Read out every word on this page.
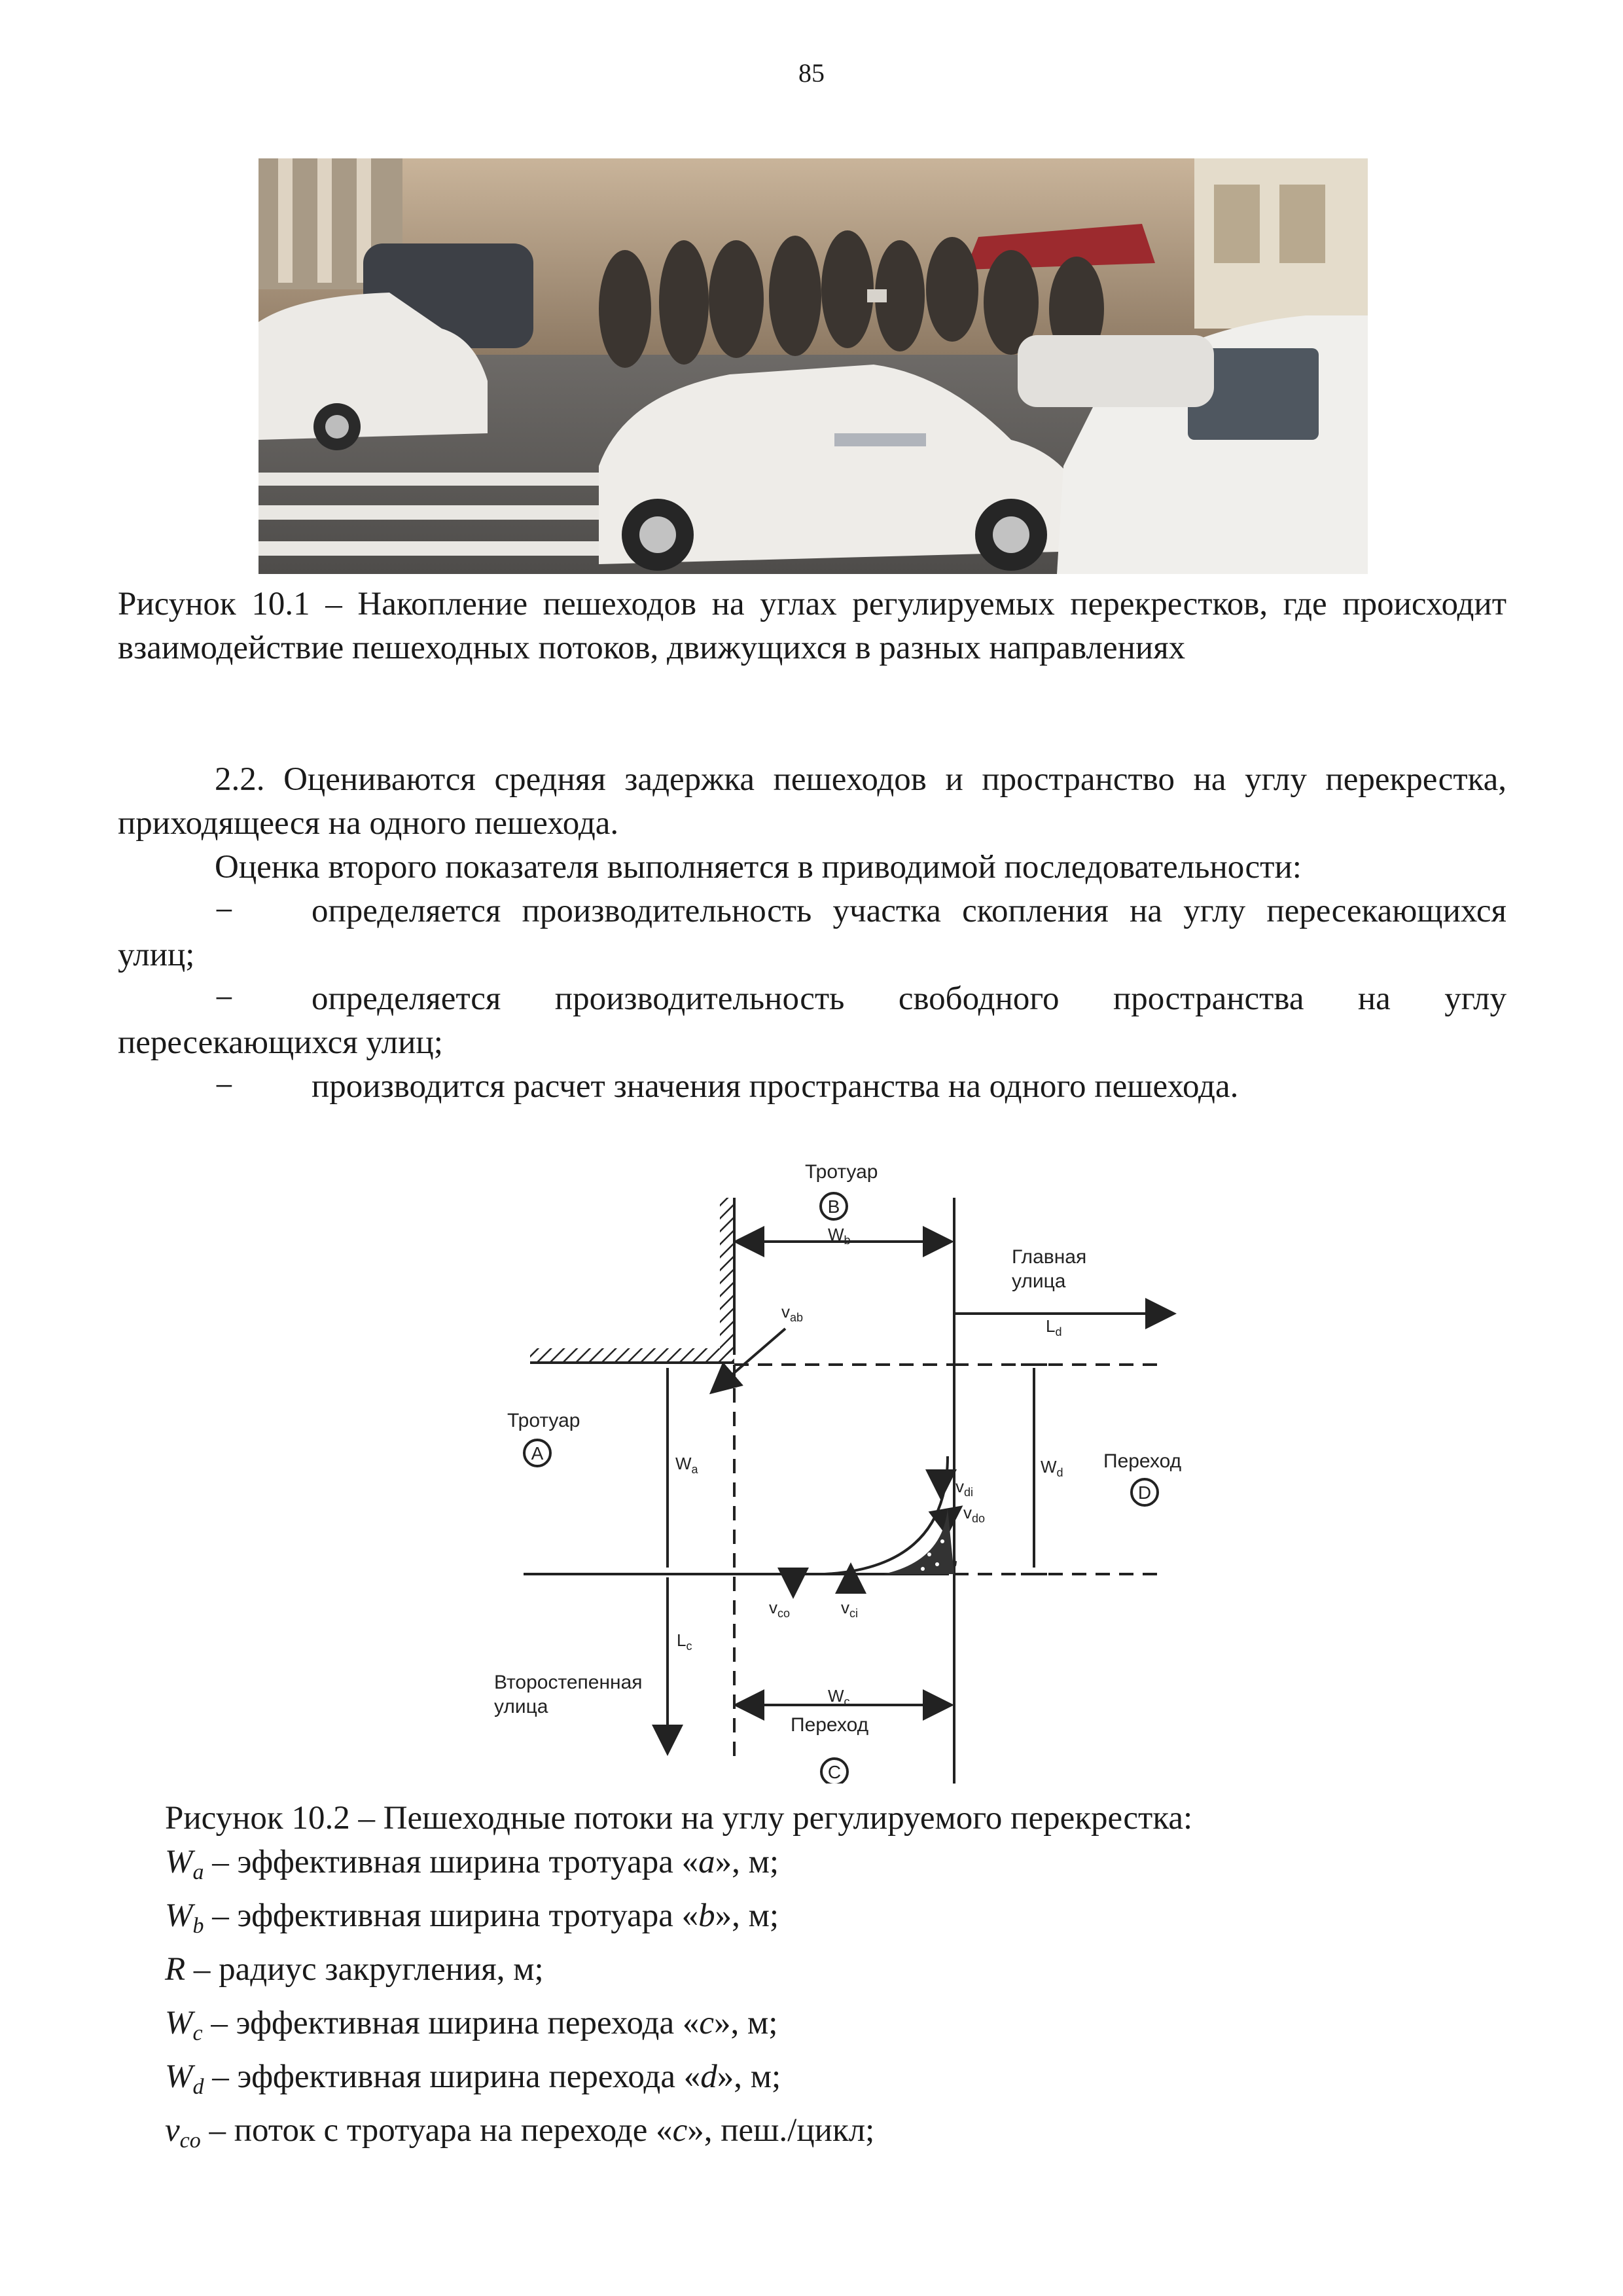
85
Рисунок 10.1 – Накопление пешеходов на углах регулируемых перекрестков, где происходит взаимодействие пешеходных потоков, движущихся в разных направлениях
2.2. Оцениваются средняя задержка пешеходов и пространство на углу перекрестка, приходящееся на одного пешехода.
Оценка второго показателя выполняется в приводимой последовательности:
− определяется производительность участка скопления на углу пересекающихся улиц;
− определяется производительность свободного пространства на углу пересекающихся улиц;
− производится расчет значения пространства на одного пешехода.
B
A
D
C
Тротуар
Главная
улица
Тротуар
Переход
Второстепенная
улица
Переход
$W_b$
$L_d$
$v_{ab}$
$W_a$
$v_{di}$
$v_{do}$
$W_d$
$v_{co}$	$v_{ci}$
$L_c$
$W_c$
Рисунок 10.2 – Пешеходные потоки на углу регулируемого перекрестка:
$W_a$ – эффективная ширина тротуара «a», м;
$W_b$ – эффективная ширина тротуара «b», м;
R – радиус закругления, м;
$W_c$ – эффективная ширина перехода «c», м;
$W_d$ – эффективная ширина перехода «d», м;
$v_{co}$ – поток с тротуара на переходе «c», пеш./цикл;
